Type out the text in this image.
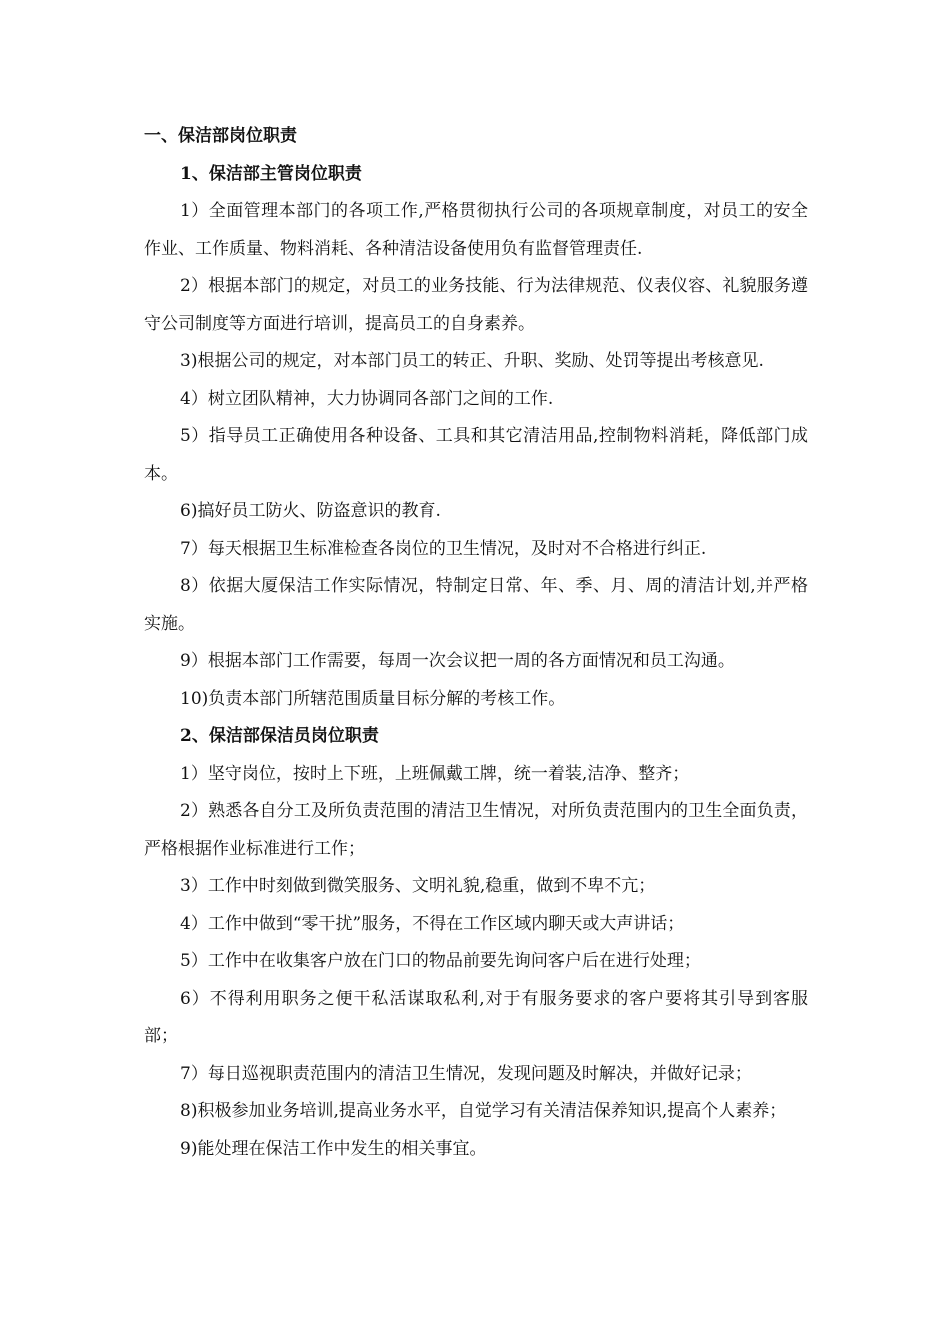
一、保洁部岗位职责

1、保洁部主管岗位职责

1）全面管理本部门的各项工作,严格贯彻执行公司的各项规章制度，对员工的安全作业、工作质量、物料消耗、各种清洁设备使用负有监督管理责任.

2）根据本部门的规定，对员工的业务技能、行为法律规范、仪表仪容、礼貌服务遵守公司制度等方面进行培训，提高员工的自身素养。

3)根据公司的规定，对本部门员工的转正、升职、奖励、处罚等提出考核意见.

4）树立团队精神，大力协调同各部门之间的工作.

5）指导员工正确使用各种设备、工具和其它清洁用品,控制物料消耗，降低部门成本。

6)搞好员工防火、防盗意识的教育.

7）每天根据卫生标准检查各岗位的卫生情况，及时对不合格进行纠正.

8）依据大厦保洁工作实际情况，特制定日常、年、季、月、周的清洁计划,并严格实施。

9）根据本部门工作需要，每周一次会议把一周的各方面情况和员工沟通。

10)负责本部门所辖范围质量目标分解的考核工作。

2、保洁部保洁员岗位职责

1）坚守岗位，按时上下班，上班佩戴工牌，统一着装,洁净、整齐；

2）熟悉各自分工及所负责范围的清洁卫生情况，对所负责范围内的卫生全面负责，严格根据作业标准进行工作；

3）工作中时刻做到微笑服务、文明礼貌,稳重，做到不卑不亢；

4）工作中做到“零干扰”服务，不得在工作区域内聊天或大声讲话；

5）工作中在收集客户放在门口的物品前要先询问客户后在进行处理；

6）不得利用职务之便干私活谋取私利,对于有服务要求的客户要将其引导到客服部；

7）每日巡视职责范围内的清洁卫生情况，发现问题及时解决，并做好记录；

8)积极参加业务培训,提高业务水平，自觉学习有关清洁保养知识,提高个人素养；

9)能处理在保洁工作中发生的相关事宜。
